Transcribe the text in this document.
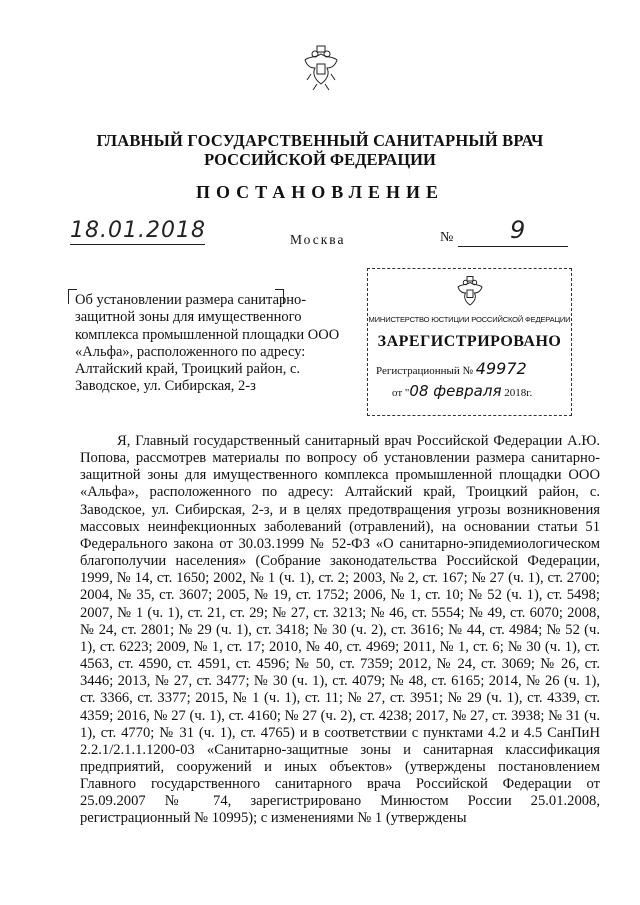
ГЛАВНЫЙ ГОСУДАРСТВЕННЫЙ САНИТАРНЫЙ ВРАЧ
РОССИЙСКОЙ ФЕДЕРАЦИИ
ПОСТАНОВЛЕНИЕ
18.01.2018	Москва	№ 9
Об установлении размера санитарно-защитной зоны для имущественного комплекса промышленной площадки ООО «Альфа», расположенного по адресу: Алтайский край, Троицкий район, с. Заводское, ул. Сибирская, 2-з
МИНИСТЕРСТВО ЮСТИЦИИ РОССИЙСКОЙ ФЕДЕРАЦИИ
ЗАРЕГИСТРИРОВАНО
Регистрационный № 49972
от "08 февраля 2018г.

Я, Главный государственный санитарный врач Российской Федерации А.Ю. Попова, рассмотрев материалы по вопросу об установлении размера санитарно-защитной зоны для имущественного комплекса промышленной площадки ООО «Альфа», расположенного по адресу: Алтайский край, Троицкий район, с. Заводское, ул. Сибирская, 2-з, и в целях предотвращения угрозы возникновения массовых неинфекционных заболеваний (отравлений), на основании статьи 51 Федерального закона от 30.03.1999 № 52-ФЗ «О санитарно-эпидемиологическом благополучии населения» (Собрание законодательства Российской Федерации, 1999, № 14, ст. 1650; 2002, № 1 (ч. 1), ст. 2; 2003, № 2, ст. 167; № 27 (ч. 1), ст. 2700; 2004, № 35, ст. 3607; 2005, № 19, ст. 1752; 2006, № 1, ст. 10; № 52 (ч. 1), ст. 5498; 2007, № 1 (ч. 1), ст. 21, ст. 29; № 27, ст. 3213; № 46, ст. 5554; № 49, ст. 6070; 2008, № 24, ст. 2801; № 29 (ч. 1), ст. 3418; № 30 (ч. 2), ст. 3616; № 44, ст. 4984; № 52 (ч. 1), ст. 6223; 2009, № 1, ст. 17; 2010, № 40, ст. 4969; 2011, № 1, ст. 6; № 30 (ч. 1), ст. 4563, ст. 4590, ст. 4591, ст. 4596; № 50, ст. 7359; 2012, № 24, ст. 3069; № 26, ст. 3446; 2013, № 27, ст. 3477; № 30 (ч. 1), ст. 4079; № 48, ст. 6165; 2014, № 26 (ч. 1), ст. 3366, ст. 3377; 2015, № 1 (ч. 1), ст. 11; № 27, ст. 3951; № 29 (ч. 1), ст. 4339, ст. 4359; 2016, № 27 (ч. 1), ст. 4160; № 27 (ч. 2), ст. 4238; 2017, № 27, ст. 3938; № 31 (ч. 1), ст. 4770; № 31 (ч. 1), ст. 4765) и в соответствии с пунктами 4.2 и 4.5 СанПиН 2.2.1/2.1.1.1200-03 «Санитарно-защитные зоны и санитарная классификация предприятий, сооружений и иных объектов» (утверждены постановлением Главного государственного санитарного врача Российской Федерации от 25.09.2007 № 74, зарегистрировано Минюстом России 25.01.2008, регистрационный № 10995); с изменениями № 1 (утверждены
